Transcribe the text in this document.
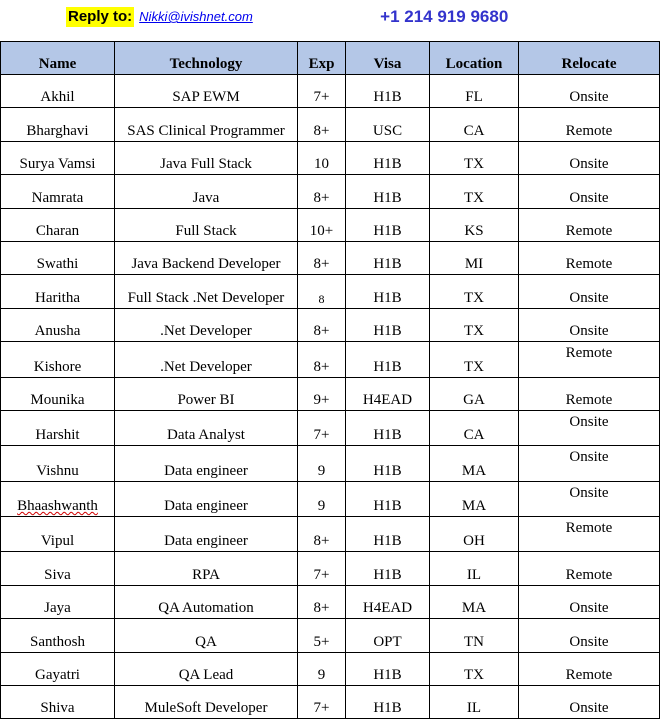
Reply to: Nikki@ivishnet.com	+1 214 919 9680
Name	Technology	Exp	Visa	Location	Relocate
Akhil	SAP EWM	7+	H1B	FL	Onsite
Bharghavi	SAS Clinical Programmer	8+	USC	CA	Remote
Surya Vamsi	Java Full Stack	10	H1B	TX	Onsite
Namrata	Java	8+	H1B	TX	Onsite
Charan	Full Stack	10+	H1B	KS	Remote
Swathi	Java Backend Developer	8+	H1B	MI	Remote
Haritha	Full Stack .Net Developer	8	H1B	TX	Onsite
Anusha	.Net Developer	8+	H1B	TX	Onsite
Kishore	.Net Developer	8+	H1B	TX	Remote
Mounika	Power BI	9+	H4EAD	GA	Remote
Harshit	Data Analyst	7+	H1B	CA	Onsite
Vishnu	Data engineer	9	H1B	MA	Onsite
Bhaashwanth	Data engineer	9	H1B	MA	Onsite
Vipul	Data engineer	8+	H1B	OH	Remote
Siva	RPA	7+	H1B	IL	Remote
Jaya	QA Automation	8+	H4EAD	MA	Onsite
Santhosh	QA	5+	OPT	TN	Onsite
Gayatri	QA Lead	9	H1B	TX	Remote
Shiva	MuleSoft Developer	7+	H1B	IL	Onsite
